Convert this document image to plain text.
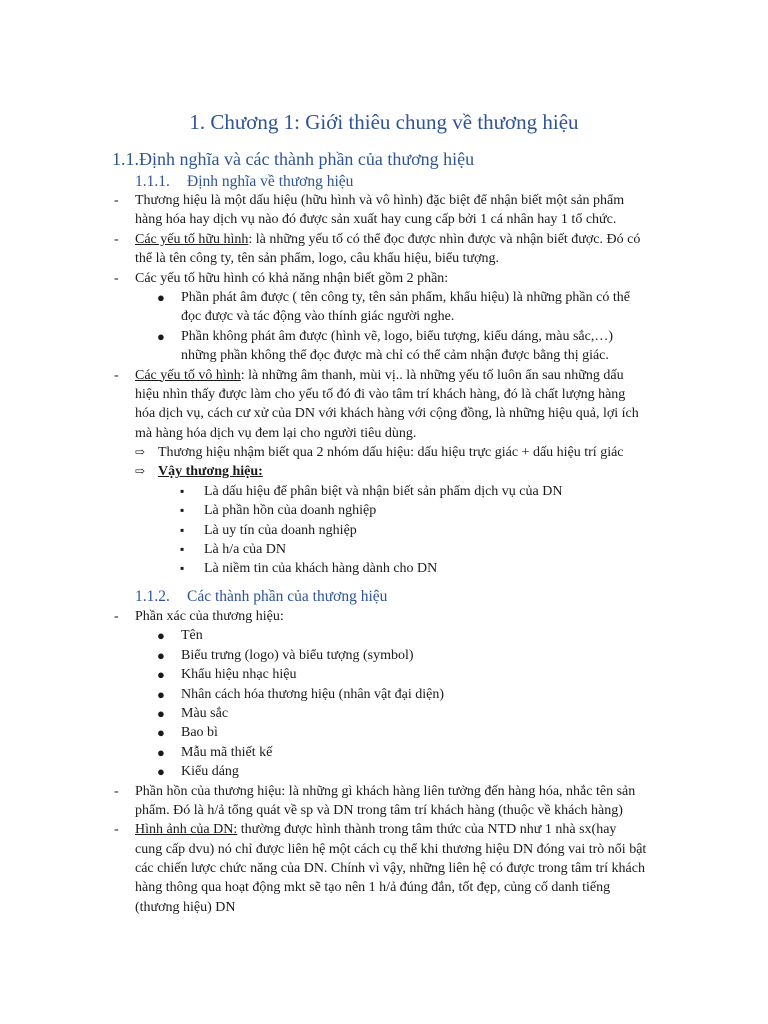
1. Chương 1: Giới thiêu chung về thương hiệu
1.1.Định nghĩa và các thành phần của thương hiệu
1.1.1. Định nghĩa về thương hiệu
- Thương hiệu là một dấu hiệu (hữu hình và vô hình) đặc biệt để nhận biết một sản phẩm
hàng hóa hay dịch vụ nào đó được sản xuất hay cung cấp bởi 1 cá nhân hay 1 tổ chức.
- Các yếu tố hữu hình: là những yếu tố có thể đọc được nhìn được và nhận biết được. Đó có
thể là tên công ty, tên sản phẩm, logo, câu khẩu hiệu, biểu tượng.
- Các yếu tố hữu hình có khả năng nhận biết gồm 2 phần:
● Phần phát âm được ( tên công ty, tên sản phẩm, khẩu hiệu) là những phần có thể
đọc được và tác động vào thính giác người nghe.
● Phần không phát âm được (hình vẽ, logo, biểu tượng, kiểu dáng, màu sắc,…)
những phần không thể đọc được mà chỉ có thể cảm nhận được bằng thị giác.
- Các yếu tố vô hình: là những âm thanh, mùi vị.. là những yếu tố luôn ẩn sau những dấu
hiệu nhìn thấy được làm cho yếu tố đó đi vào tâm trí khách hàng, đó là chất lượng hàng
hóa dịch vụ, cách cư xử của DN với khách hàng với cộng đồng, là những hiệu quả, lợi ích
mà hàng hóa dịch vụ đem lại cho người tiêu dùng.
⇨ Thương hiệu nhậm biết qua 2 nhóm dấu hiệu: dấu hiệu trực giác + dấu hiệu trí giác
⇨ Vậy thương hiệu:
▪ Là dấu hiệu để phân biệt và nhận biết sản phẩm dịch vụ của DN
▪ Là phần hồn của doanh nghiệp
▪ Là uy tín của doanh nghiệp
▪ Là h/a của DN
▪ Là niềm tin của khách hàng dành cho DN
1.1.2. Các thành phần của thương hiệu
- Phần xác của thương hiệu:
● Tên
● Biểu trưng (logo) và biểu tượng (symbol)
● Khẩu hiệu nhạc hiệu
● Nhân cách hóa thương hiệu (nhân vật đại diện)
● Màu sắc
● Bao bì
● Mẫu mã thiết kế
● Kiểu dáng
- Phần hồn của thương hiệu: là những gì khách hàng liên tưởng đến hàng hóa, nhắc tên sản
phẩm. Đó là h/ả tổng quát về sp và DN trong tâm trí khách hàng (thuộc về khách hàng)
- Hình ảnh của DN: thường được hình thành trong tâm thức của NTD như 1 nhà sx(hay
cung cấp dvu) nó chỉ được liên hệ một cách cụ thể khi thương hiệu DN đóng vai trò nổi bật
các chiến lược chức năng của DN. Chính vì vậy, những liên hệ có được trong tâm trí khách
hàng thông qua hoạt động mkt sẽ tạo nên 1 h/ả đúng đắn, tốt đẹp, củng cố danh tiếng
(thương hiệu) DN
